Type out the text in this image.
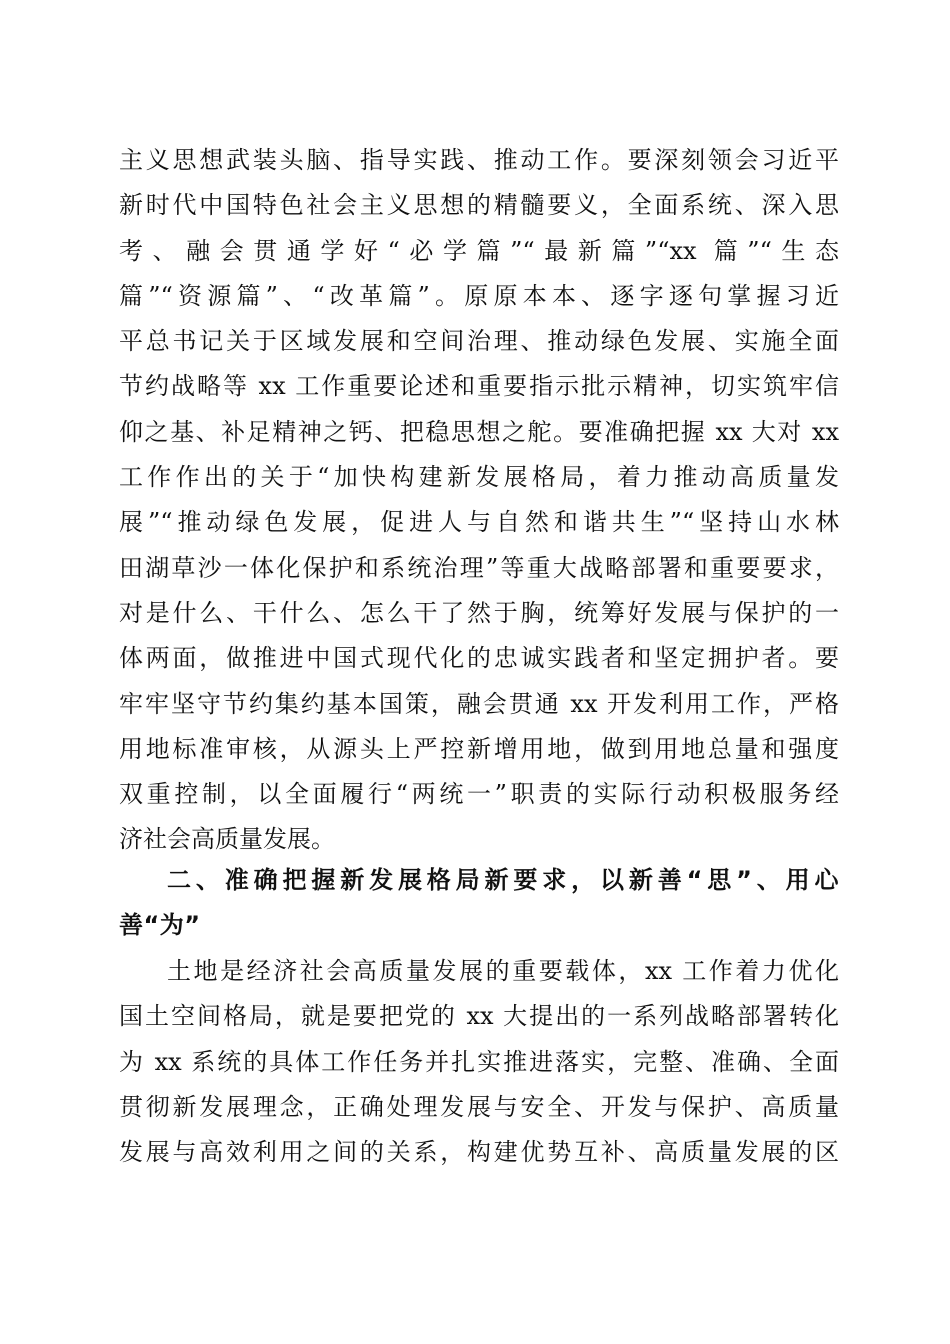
主义思想武装头脑、指导实践、推动工作。要深刻领会习近平
新时代中国特色社会主义思想的精髓要义，全面系统、深入思
考、融会贯通学好“必学篇”“最新篇”“xx 篇”“生态
篇”“资源篇”、“改革篇”。原原本本、逐字逐句掌握习近
平总书记关于区域发展和空间治理、推动绿色发展、实施全面
节约战略等 xx 工作重要论述和重要指示批示精神，切实筑牢信
仰之基、补足精神之钙、把稳思想之舵。要准确把握 xx 大对 xx
工作作出的关于“加快构建新发展格局，着力推动高质量发
展”“推动绿色发展，促进人与自然和谐共生”“坚持山水林
田湖草沙一体化保护和系统治理”等重大战略部署和重要要求，
对是什么、干什么、怎么干了然于胸，统筹好发展与保护的一
体两面，做推进中国式现代化的忠诚实践者和坚定拥护者。要
牢牢坚守节约集约基本国策，融会贯通 xx 开发利用工作，严格
用地标准审核，从源头上严控新增用地，做到用地总量和强度
双重控制，以全面履行“两统一”职责的实际行动积极服务经
济社会高质量发展。
二、准确把握新发展格局新要求，以新善“思”、用心
善“为”
土地是经济社会高质量发展的重要载体，xx 工作着力优化
国土空间格局，就是要把党的 xx 大提出的一系列战略部署转化
为 xx 系统的具体工作任务并扎实推进落实，完整、准确、全面
贯彻新发展理念，正确处理发展与安全、开发与保护、高质量
发展与高效利用之间的关系，构建优势互补、高质量发展的区
